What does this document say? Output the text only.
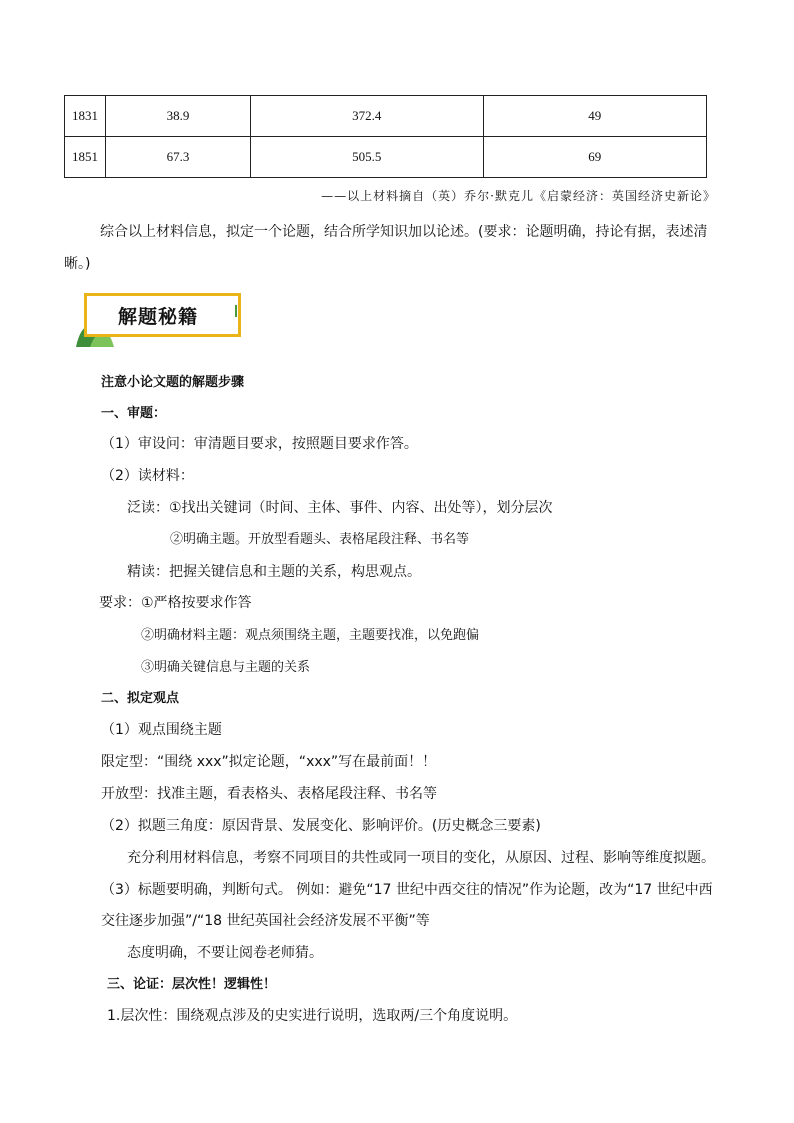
1831	38.9	372.4	49
1851	67.3	505.5	69
——以上材料摘自（英）乔尔·默克儿《启蒙经济：英国经济史新论》
综合以上材料信息，拟定一个论题，结合所学知识加以论述。(要求：论题明确，持论有据，表述清晰。)
解题秘籍
注意小论文题的解题步骤
一、审题：
（1）审设问：审清题目要求，按照题目要求作答。
（2）读材料：
泛读：①找出关键词（时间、主体、事件、内容、出处等），划分层次
②明确主题。开放型看题头、表格尾段注释、书名等
精读：把握关键信息和主题的关系，构思观点。
要求：①严格按要求作答
②明确材料主题：观点须围绕主题，主题要找准，以免跑偏
③明确关键信息与主题的关系
二、拟定观点
（1）观点围绕主题
限定型：“围绕 xxx”拟定论题，“xxx”写在最前面！！
开放型：找准主题，看表格头、表格尾段注释、书名等
（2）拟题三角度：原因背景、发展变化、影响评价。(历史概念三要素)
充分利用材料信息，考察不同项目的共性或同一项目的变化，从原因、过程、影响等维度拟题。
（3）标题要明确，判断句式。 例如：避免“17 世纪中西交往的情况”作为论题，改为“17 世纪中西
交往逐步加强”/“18 世纪英国社会经济发展不平衡”等
态度明确，不要让阅卷老师猜。
三、论证：层次性！逻辑性！
1.层次性：围绕观点涉及的史实进行说明，选取两/三个角度说明。
